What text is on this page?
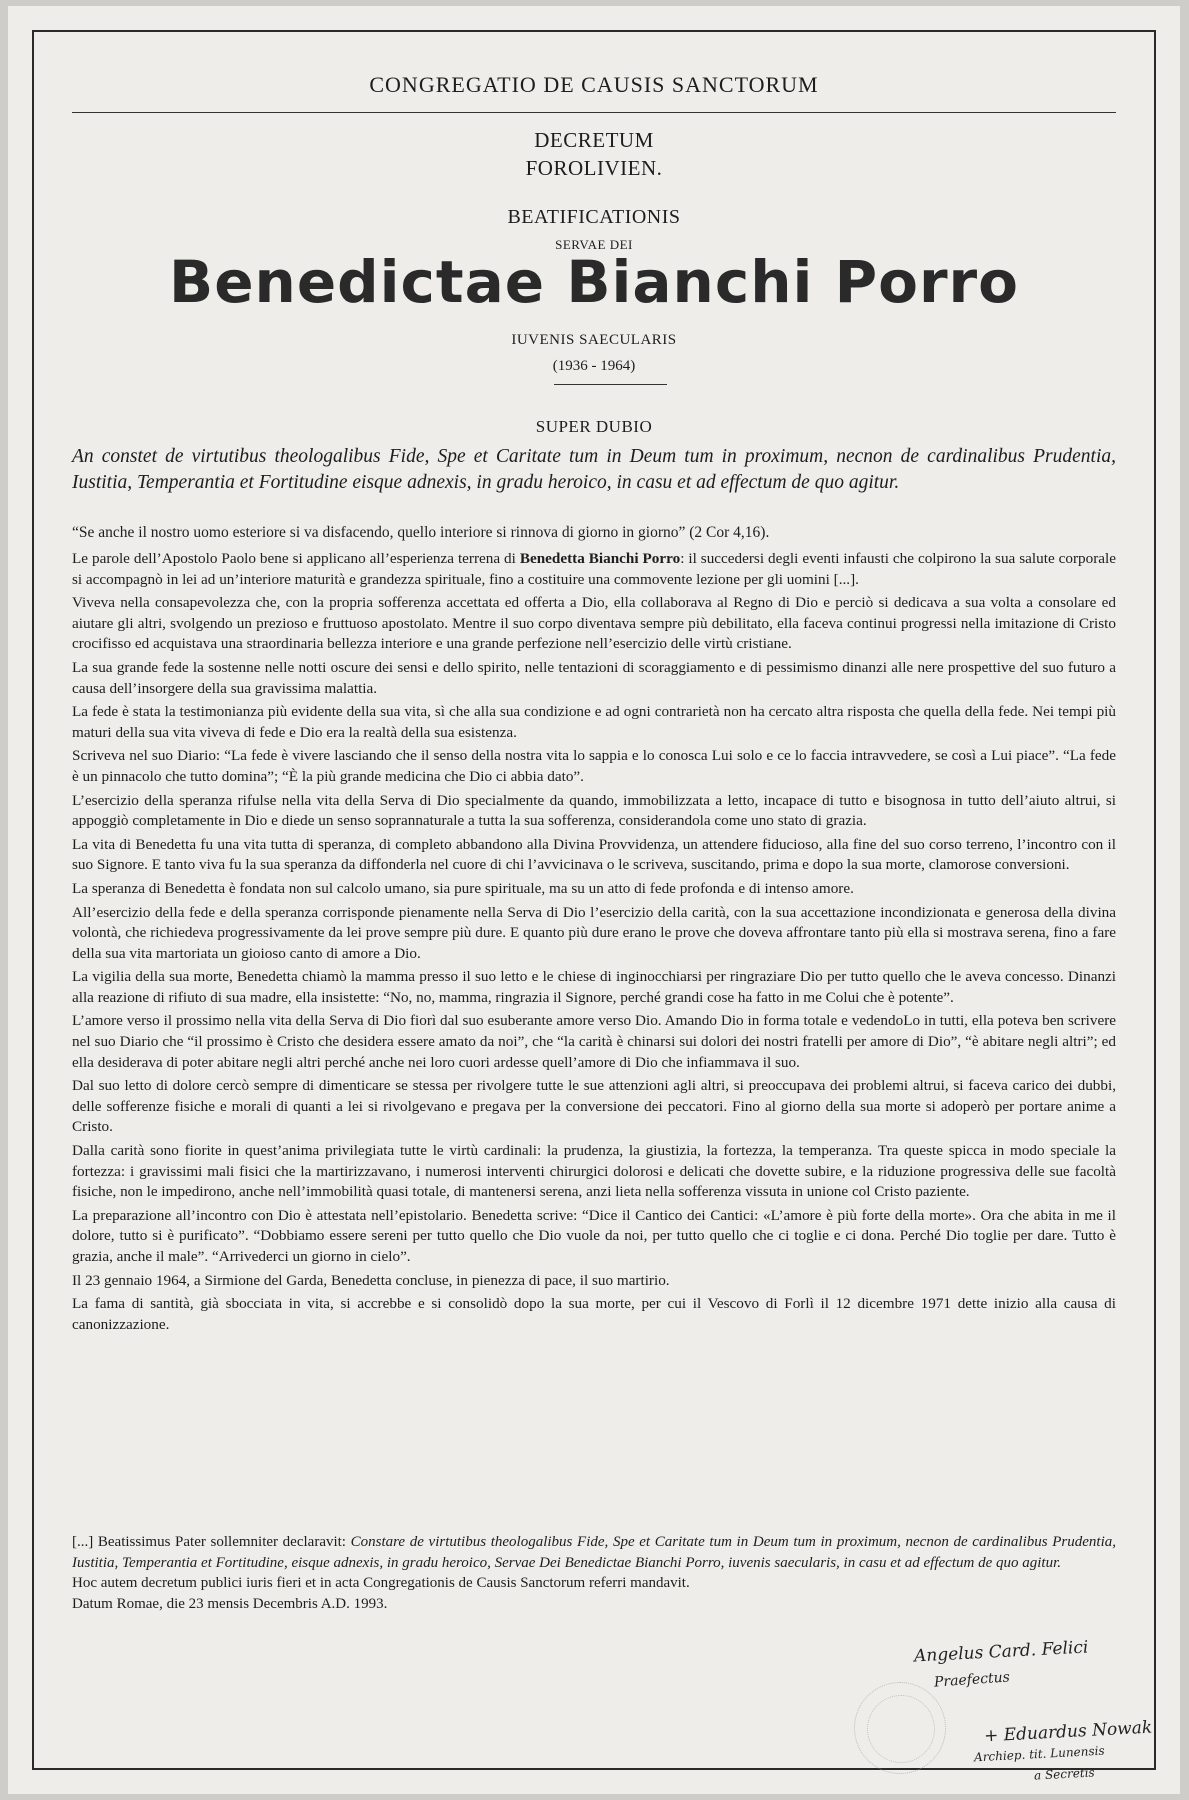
CONGREGATIO DE CAUSIS SANCTORUM
DECRETUM
FOROLIVIEN.
BEATIFICATIONIS
SERVAE DEI
Benedictae Bianchi Porro
IUVENIS SAECULARIS
(1936 - 1964)
SUPER DUBIO
An constet de virtutibus theologalibus Fide, Spe et Caritate tum in Deum tum in proximum, necnon de cardinalibus Prudentia, Iustitia, Temperantia et Fortitudine eisque adnexis, in gradu heroico, in casu et ad effectum de quo agitur.
“Se anche il nostro uomo esteriore si va disfacendo, quello interiore si rinnova di giorno in giorno” (2 Cor 4,16).

Le parole dell’Apostolo Paolo bene si applicano all’esperienza terrena di Benedetta Bianchi Porro: il succedersi degli eventi infausti che colpirono la sua salute corporale si accompagnò in lei ad un’interiore maturità e grandezza spirituale, fino a costituire una commovente lezione per gli uomini [...].

Viveva nella consapevolezza che, con la propria sofferenza accettata ed offerta a Dio, ella collaborava al Regno di Dio e perciò si dedicava a sua volta a consolare ed aiutare gli altri, svolgendo un prezioso e fruttuoso apostolato. Mentre il suo corpo diventava sempre più debilitato, ella faceva continui progressi nella imitazione di Cristo crocifisso ed acquistava una straordinaria bellezza interiore e una grande perfezione nell’esercizio delle virtù cristiane.

La sua grande fede la sostenne nelle notti oscure dei sensi e dello spirito, nelle tentazioni di scoraggiamento e di pessimismo dinanzi alle nere prospettive del suo futuro a causa dell’insorgere della sua gravissima malattia.

La fede è stata la testimonianza più evidente della sua vita, sì che alla sua condizione e ad ogni contrarietà non ha cercato altra risposta che quella della fede. Nei tempi più maturi della sua vita viveva di fede e Dio era la realtà della sua esistenza.

Scriveva nel suo Diario: “La fede è vivere lasciando che il senso della nostra vita lo sappia e lo conosca Lui solo e ce lo faccia intravvedere, se così a Lui piace”. “La fede è un pinnacolo che tutto domina”; “È la più grande medicina che Dio ci abbia dato”.

L’esercizio della speranza rifulse nella vita della Serva di Dio specialmente da quando, immobilizzata a letto, incapace di tutto e bisognosa in tutto dell’aiuto altrui, si appoggiò completamente in Dio e diede un senso soprannaturale a tutta la sua sofferenza, considerandola come uno stato di grazia.

La vita di Benedetta fu una vita tutta di speranza, di completo abbandono alla Divina Provvidenza, un attendere fiducioso, alla fine del suo corso terreno, l’incontro con il suo Signore. E tanto viva fu la sua speranza da diffonderla nel cuore di chi l’avvicinava o le scriveva, suscitando, prima e dopo la sua morte, clamorose conversioni.

La speranza di Benedetta è fondata non sul calcolo umano, sia pure spirituale, ma su un atto di fede profonda e di intenso amore.

All’esercizio della fede e della speranza corrisponde pienamente nella Serva di Dio l’esercizio della carità, con la sua accettazione incondizionata e generosa della divina volontà, che richiedeva progressivamente da lei prove sempre più dure. E quanto più dure erano le prove che doveva affrontare tanto più ella si mostrava serena, fino a fare della sua vita martoriata un gioioso canto di amore a Dio.

La vigilia della sua morte, Benedetta chiamò la mamma presso il suo letto e le chiese di inginocchiarsi per ringraziare Dio per tutto quello che le aveva concesso. Dinanzi alla reazione di rifiuto di sua madre, ella insistette: “No, no, mamma, ringrazia il Signore, perché grandi cose ha fatto in me Colui che è potente”.

L’amore verso il prossimo nella vita della Serva di Dio fiorì dal suo esuberante amore verso Dio. Amando Dio in forma totale e vedendoLo in tutti, ella poteva ben scrivere nel suo Diario che “il prossimo è Cristo che desidera essere amato da noi”, che “la carità è chinarsi sui dolori dei nostri fratelli per amore di Dio”, “è abitare negli altri”; ed ella desiderava di poter abitare negli altri perché anche nei loro cuori ardesse quell’amore di Dio che infiammava il suo.

Dal suo letto di dolore cercò sempre di dimenticare se stessa per rivolgere tutte le sue attenzioni agli altri, si preoccupava dei problemi altrui, si faceva carico dei dubbi, delle sofferenze fisiche e morali di quanti a lei si rivolgevano e pregava per la conversione dei peccatori. Fino al giorno della sua morte si adoperò per portare anime a Cristo.

Dalla carità sono fiorite in quest’anima privilegiata tutte le virtù cardinali: la prudenza, la giustizia, la fortezza, la temperanza. Tra queste spicca in modo speciale la fortezza: i gravissimi mali fisici che la martirizzavano, i numerosi interventi chirurgici dolorosi e delicati che dovette subire, e la riduzione progressiva delle sue facoltà fisiche, non le impedirono, anche nell’immobilità quasi totale, di mantenersi serena, anzi lieta nella sofferenza vissuta in unione col Cristo paziente.

La preparazione all’incontro con Dio è attestata nell’epistolario. Benedetta scrive: “Dice il Cantico dei Cantici: «L’amore è più forte della morte». Ora che abita in me il dolore, tutto si è purificato”. “Dobbiamo essere sereni per tutto quello che Dio vuole da noi, per tutto quello che ci toglie e ci dona. Perché Dio toglie per dare. Tutto è grazia, anche il male”. “Arrivederci un giorno in cielo”.

Il 23 gennaio 1964, a Sirmione del Garda, Benedetta concluse, in pienezza di pace, il suo martirio.

La fama di santità, già sbocciata in vita, si accrebbe e si consolidò dopo la sua morte, per cui il Vescovo di Forlì il 12 dicembre 1971 dette inizio alla causa di canonizzazione.

[...] Beatissimus Pater sollemniter declaravit: Constare de virtutibus theologalibus Fide, Spe et Caritate tum in Deum tum in proximum, necnon de cardinalibus Prudentia, Iustitia, Temperantia et Fortitudine, eisque adnexis, in gradu heroico, Servae Dei Benedictae Bianchi Porro, iuvenis saecularis, in casu et ad effectum de quo agitur.

Hoc autem decretum publici iuris fieri et in acta Congregationis de Causis Sanctorum referri mandavit.

Datum Romae, die 23 mensis Decembris A.D. 1993.

Angelus Card. Felici
Praefectus
+ Eduardus Nowak
Archiep. tit. Lunensis
a Secretis
